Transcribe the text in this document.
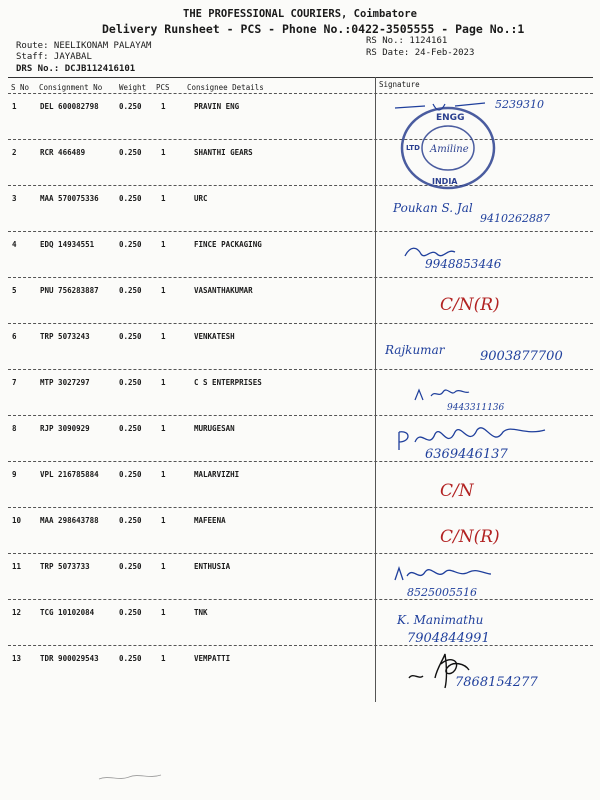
THE PROFESSIONAL COURIERS, Coimbatore
Delivery Runsheet - PCS - Phone No.:0422-3505555 - Page No.:1
Route: NEELIKONAM PALAYAM
Staff: JAYABAL
DRS No.: DCJB112416101
RS No.: 1124161
RS Date: 24-Feb-2023
S No Consignment No Weight PCS Consignee Details	Signature
1	DEL 600082798	0.250	1	PRAVIN ENG	5239310
2	RCR 466489	0.250	1	SHANTHI GEARS
3	MAA 570075336	0.250	1	URC
Poukan S. Jal
9410262887
4	EDQ 14934551	0.250	1	FINCE PACKAGING
9948853446
5	PNU 756283887	0.250	1	VASANTHAKUMAR
C/N(R)
6	TRP 5073243	0.250	1	VENKATESH
Rajkumar	9003877700
7	MTP 3027297	0.250	1	C S ENTERPRISES
9443311136
8	RJP 3090929	0.250	1	MURUGESAN
6369446137
9	VPL 216785884	0.250	1	MALARVIZHI
C/N
10	MAA 298643788	0.250	1	MAFEENA
C/N(R)
11	TRP 5073733	0.250	1	ENTHUSIA
8525005516
12	TCG 10102084	0.250	1	TNK
K. Manimathu
7904844991
13	TDR 900029543	0.250	1	VEMPATTI
7868154277
ENGG
Amiline
INDIA
LTD
